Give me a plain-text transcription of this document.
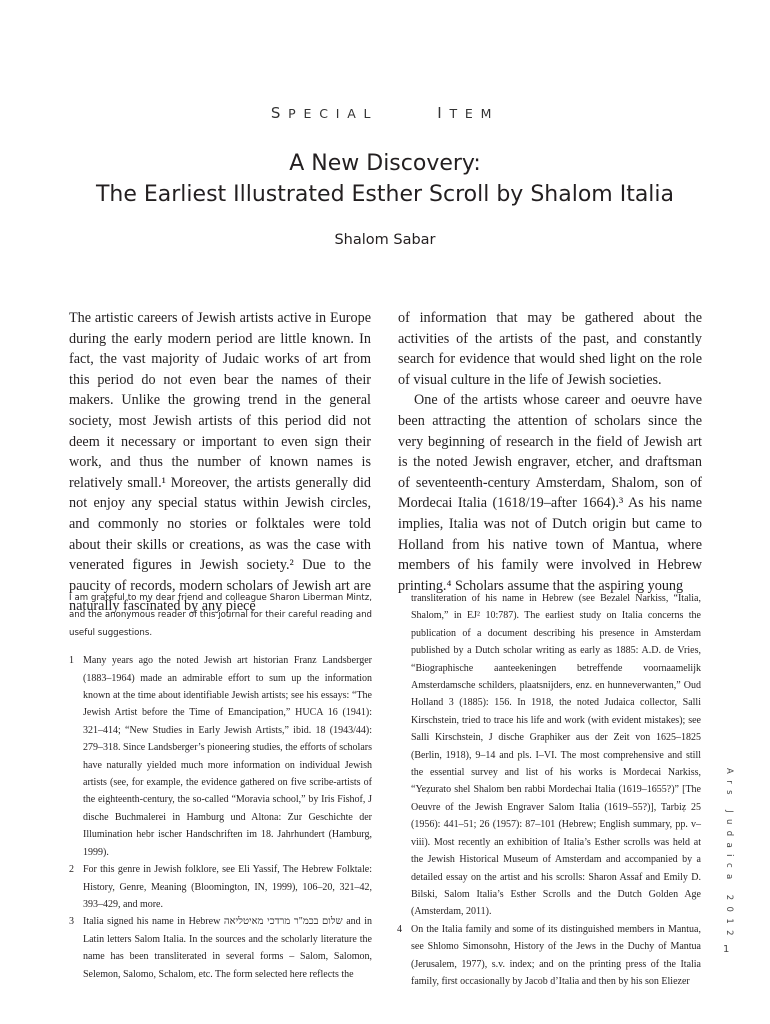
SPECIAL	ITEM
A New Discovery:
The Earliest Illustrated Esther Scroll by Shalom Italia
Shalom Sabar

The artistic careers of Jewish artists active in Europe during the early modern period are little known. In fact, the vast majority of Judaic works of art from this period do not even bear the names of their makers. Unlike the growing trend in the general society, most Jewish artists of this period did not deem it necessary or important to even sign their work, and thus the number of known names is relatively small.¹ Moreover, the artists generally did not enjoy any special status within Jewish circles, and commonly no stories or folktales were told about their skills or creations, as was the case with venerated figures in Jewish society.² Due to the paucity of records, modern scholars of Jewish art are naturally fascinated by any piece

of information that may be gathered about the activities of the artists of the past, and constantly search for evidence that would shed light on the role of visual culture in the life of Jewish societies.

One of the artists whose career and oeuvre have been attracting the attention of scholars since the very beginning of research in the field of Jewish art is the noted Jewish engraver, etcher, and draftsman of seventeenth-century Amsterdam, Shalom, son of Mordecai Italia (1618/19–after 1664).³ As his name implies, Italia was not of Dutch origin but came to Holland from his native town of Mantua, where members of his family were involved in Hebrew printing.⁴ Scholars assume that the aspiring young

I am grateful to my dear friend and colleague Sharon Liberman Mintz, and the anonymous reader of this journal for their careful reading and useful suggestions.

1 Many years ago the noted Jewish art historian Franz Landsberger (1883–1964) made an admirable effort to sum up the information known at the time about identifiable Jewish artists; see his essays: “The Jewish Artist before the Time of Emancipation,” HUCA 16 (1941): 321–414; “New Studies in Early Jewish Artists,” ibid. 18 (1943/44): 279–318. Since Landsberger’s pioneering studies, the efforts of scholars have naturally yielded much more information on individual Jewish artists (see, for example, the evidence gathered on five scribe-artists of the eighteenth-century, the so-called “Moravia school,” by Iris Fishof, J dische Buchmalerei in Hamburg und Altona: Zur Geschichte der Illumination hebr ischer Handschriften im 18. Jahrhundert (Hamburg, 1999).

2 For this genre in Jewish folklore, see Eli Yassif, The Hebrew Folktale: History, Genre, Meaning (Bloomington, IN, 1999), 106–20, 321–42, 393–429, and more.

3 Italia signed his name in Hebrew שלום בכמ"ר מרדכי מאיטליאה and in Latin letters Salom Italia. In the sources and the scholarly literature the name has been transliterated in several forms – Salom, Salomon, Selemon, Salomo, Schalom, etc. The form selected here reflects the

transliteration of his name in Hebrew (see Bezalel Narkiss, “Italia, Shalom,” in EJ² 10:787). The earliest study on Italia concerns the publication of a document describing his presence in Amsterdam published by a Dutch scholar writing as early as 1885: A.D. de Vries, “Biographische aanteekeningen betreffende voornaamelijk Amsterdamsche schilders, plaatsnijders, enz. en hunneverwanten,” Oud Holland 3 (1885): 156. In 1918, the noted Judaica collector, Salli Kirschstein, tried to trace his life and work (with evident mistakes); see Salli Kirschstein, J dische Graphiker aus der Zeit von 1625–1825 (Berlin, 1918), 9–14 and pls. I–VI. The most comprehensive and still the essential survey and list of his works is Mordecai Narkiss, “Yeẓurato shel Shalom ben rabbi Mordechai Italia (1619–1655?)” [The Oeuvre of the Jewish Engraver Salom Italia (1619–55?)], Tarbiẓ 25 (1956): 441–51; 26 (1957): 87–101 (Hebrew; English summary, pp. v–viii). Most recently an exhibition of Italia’s Esther scrolls was held at the Jewish Historical Museum of Amsterdam and accompanied by a detailed essay on the artist and his scrolls: Sharon Assaf and Emily D. Bilski, Salom Italia’s Esther Scrolls and the Dutch Golden Age (Amsterdam, 2011).

4 On the Italia family and some of its distinguished members in Mantua, see Shlomo Simonsohn, History of the Jews in the Duchy of Mantua (Jerusalem, 1977), s.v. index; and on the printing press of the Italia family, first occasionally by Jacob d’Italia and then by his son Eliezer

Ars Judaica 2012
1
